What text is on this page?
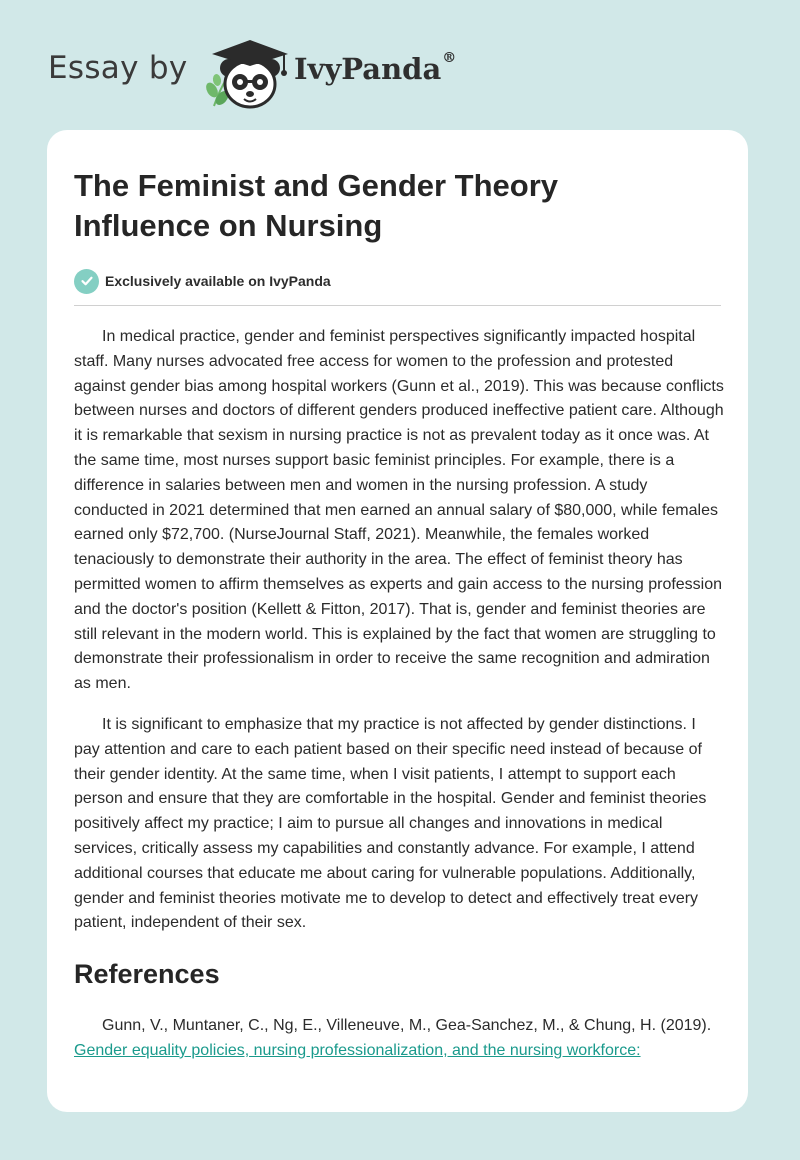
Essay by	IvyPanda®
The Feminist and Gender Theory Influence on Nursing
Exclusively available on IvyPanda

In medical practice, gender and feminist perspectives significantly impacted hospital staff. Many nurses advocated free access for women to the profession and protested against gender bias among hospital workers (Gunn et al., 2019). This was because conflicts between nurses and doctors of different genders produced ineffective patient care. Although it is remarkable that sexism in nursing practice is not as prevalent today as it once was. At the same time, most nurses support basic feminist principles. For example, there is a difference in salaries between men and women in the nursing profession. A study conducted in 2021 determined that men earned an annual salary of $80,000, while females earned only $72,700. (NurseJournal Staff, 2021). Meanwhile, the females worked tenaciously to demonstrate their authority in the area. The effect of feminist theory has permitted women to affirm themselves as experts and gain access to the nursing profession and the doctor's position (Kellett & Fitton, 2017). That is, gender and feminist theories are still relevant in the modern world. This is explained by the fact that women are struggling to demonstrate their professionalism in order to receive the same recognition and admiration as men.

It is significant to emphasize that my practice is not affected by gender distinctions. I pay attention and care to each patient based on their specific need instead of because of their gender identity. At the same time, when I visit patients, I attempt to support each person and ensure that they are comfortable in the hospital. Gender and feminist theories positively affect my practice; I aim to pursue all changes and innovations in medical services, critically assess my capabilities and constantly advance. For example, I attend additional courses that educate me about caring for vulnerable populations. Additionally, gender and feminist theories motivate me to develop to detect and effectively treat every patient, independent of their sex.

References
Gunn, V., Muntaner, C., Ng, E., Villeneuve, M., Gea-Sanchez, M., & Chung, H. (2019). Gender equality policies, nursing professionalization, and the nursing workforce:
